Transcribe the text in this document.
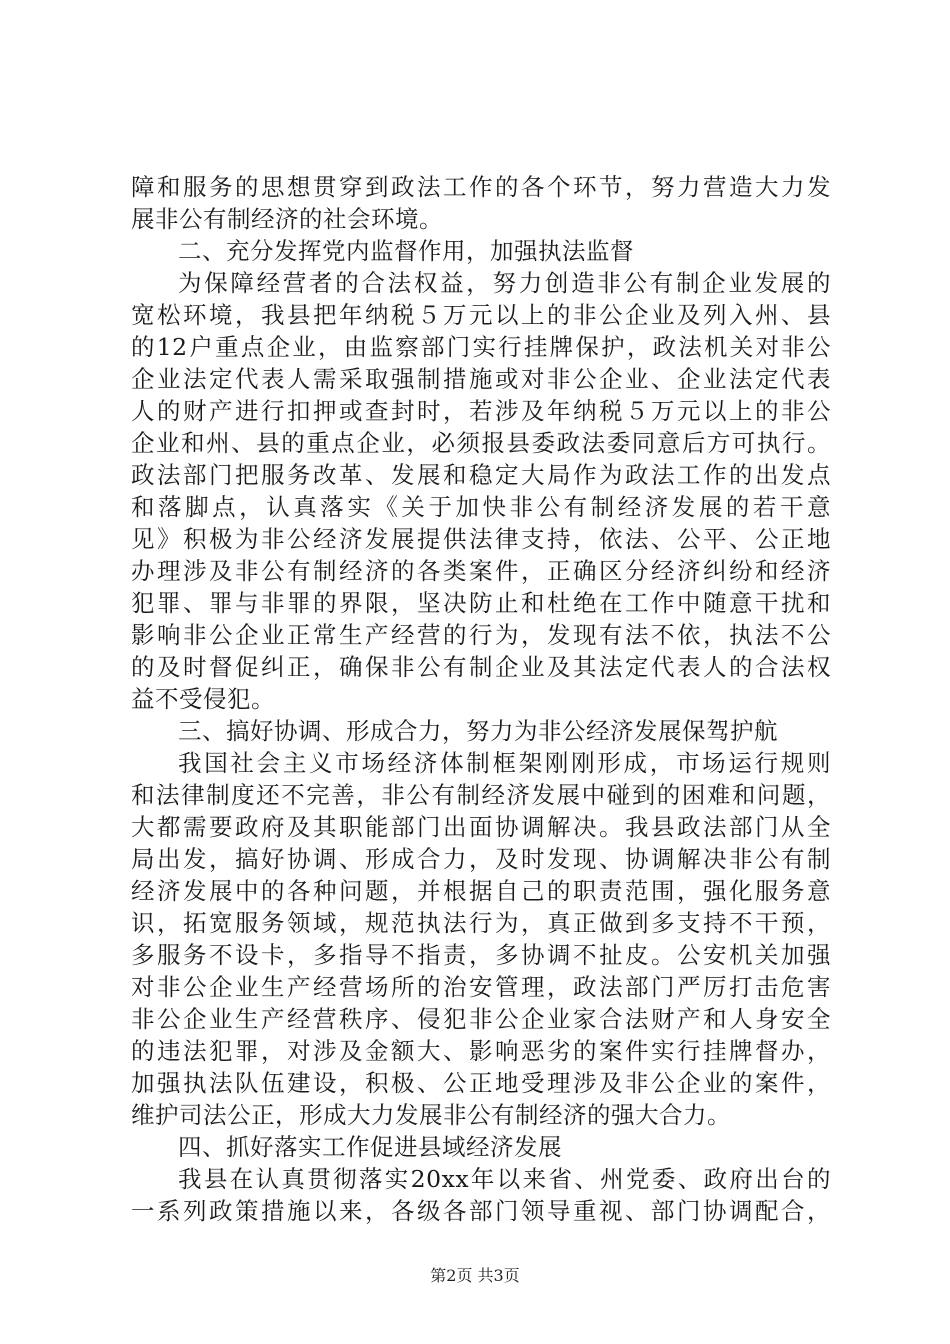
障和服务的思想贯穿到政法工作的各个环节，努力营造大力发
展非公有制经济的社会环境。
二、充分发挥党内监督作用，加强执法监督
为保障经营者的合法权益，努力创造非公有制企业发展的
宽松环境，我县把年纳税５万元以上的非公企业及列入州、县
的12户重点企业，由监察部门实行挂牌保护，政法机关对非公
企业法定代表人需采取强制措施或对非公企业、企业法定代表
人的财产进行扣押或查封时，若涉及年纳税５万元以上的非公
企业和州、县的重点企业，必须报县委政法委同意后方可执行。
政法部门把服务改革、发展和稳定大局作为政法工作的出发点
和落脚点，认真落实《关于加快非公有制经济发展的若干意
见》积极为非公经济发展提供法律支持，依法、公平、公正地
办理涉及非公有制经济的各类案件，正确区分经济纠纷和经济
犯罪、罪与非罪的界限，坚决防止和杜绝在工作中随意干扰和
影响非公企业正常生产经营的行为，发现有法不依，执法不公
的及时督促纠正，确保非公有制企业及其法定代表人的合法权
益不受侵犯。
三、搞好协调、形成合力，努力为非公经济发展保驾护航
我国社会主义市场经济体制框架刚刚形成，市场运行规则
和法律制度还不完善，非公有制经济发展中碰到的困难和问题，
大都需要政府及其职能部门出面协调解决。我县政法部门从全
局出发，搞好协调、形成合力，及时发现、协调解决非公有制
经济发展中的各种问题，并根据自己的职责范围，强化服务意
识，拓宽服务领域，规范执法行为，真正做到多支持不干预，
多服务不设卡，多指导不指责，多协调不扯皮。公安机关加强
对非公企业生产经营场所的治安管理，政法部门严厉打击危害
非公企业生产经营秩序、侵犯非公企业家合法财产和人身安全
的违法犯罪，对涉及金额大、影响恶劣的案件实行挂牌督办，
加强执法队伍建设，积极、公正地受理涉及非公企业的案件，
维护司法公正，形成大力发展非公有制经济的强大合力。
四、抓好落实工作促进县域经济发展
我县在认真贯彻落实20xx年以来省、州党委、政府出台的
一系列政策措施以来，各级各部门领导重视、部门协调配合，
第2页 共3页
